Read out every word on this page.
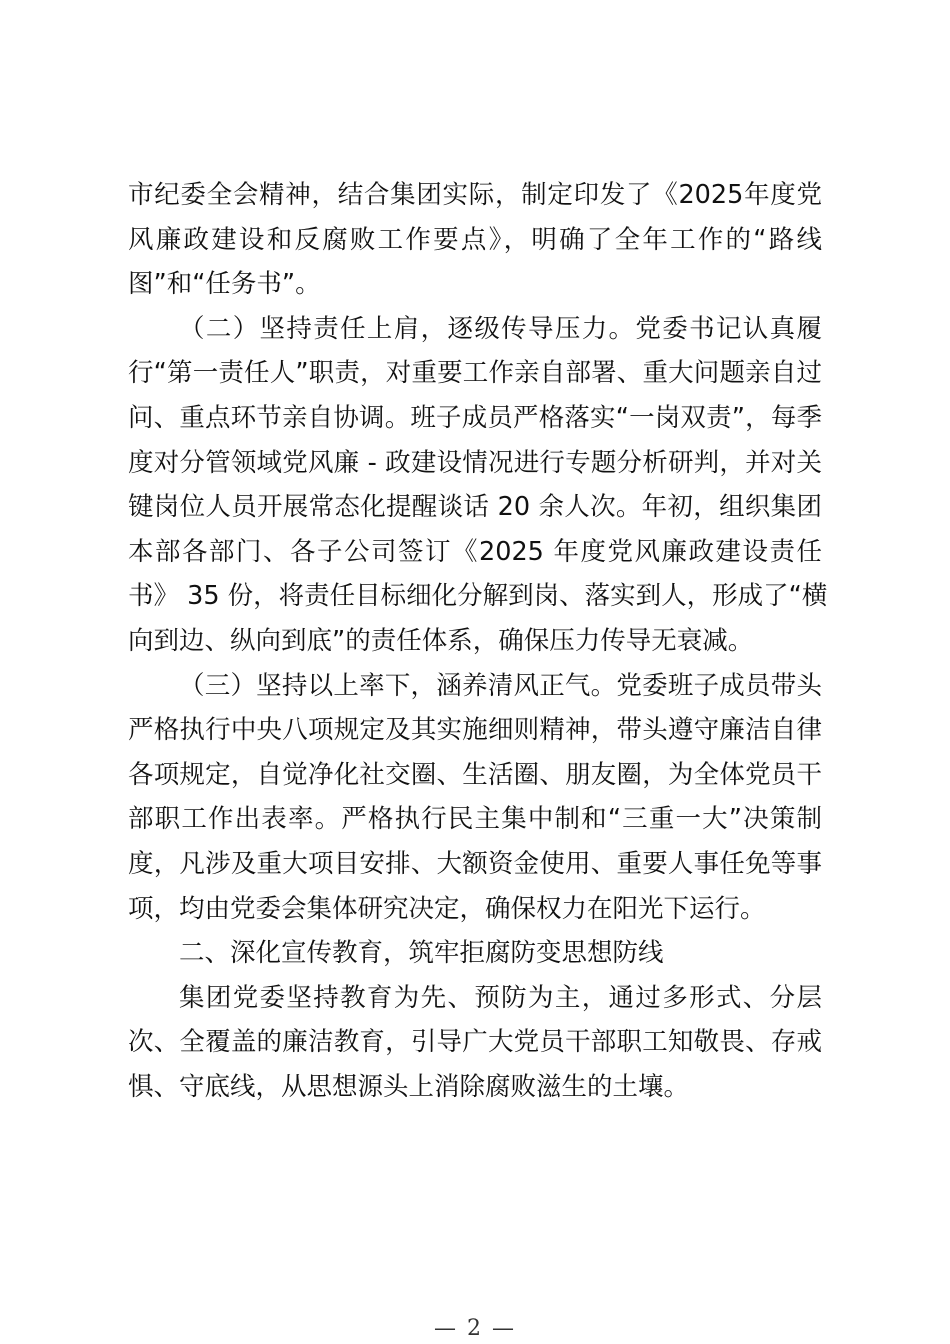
市纪委全会精神，结合集团实际，制定印发了《2025年度党
风廉政建设和反腐败工作要点》，明确了全年工作的“路线
图”和“任务书”。
（二）坚持责任上肩，逐级传导压力。党委书记认真履
行“第一责任人”职责，对重要工作亲自部署、重大问题亲自过
问、重点环节亲自协调。班子成员严格落实“一岗双责”，每季
度对分管领域党风廉 - 政建设情况进行专题分析研判，并对关
键岗位人员开展常态化提醒谈话 20 余人次。年初，组织集团
本部各部门、各子公司签订《2025 年度党风廉政建设责任
书》 35 份，将责任目标细化分解到岗、落实到人，形成了“横
向到边、纵向到底”的责任体系，确保压力传导无衰减。
（三）坚持以上率下，涵养清风正气。党委班子成员带头
严格执行中央八项规定及其实施细则精神，带头遵守廉洁自律
各项规定，自觉净化社交圈、生活圈、朋友圈，为全体党员干
部职工作出表率。严格执行民主集中制和“三重一大”决策制
度，凡涉及重大项目安排、大额资金使用、重要人事任免等事
项，均由党委会集体研究决定，确保权力在阳光下运行。
二、深化宣传教育，筑牢拒腐防变思想防线
集团党委坚持教育为先、预防为主，通过多形式、分层
次、全覆盖的廉洁教育，引导广大党员干部职工知敬畏、存戒
惧、守底线，从思想源头上消除腐败滋生的土壤。
— 2 —
